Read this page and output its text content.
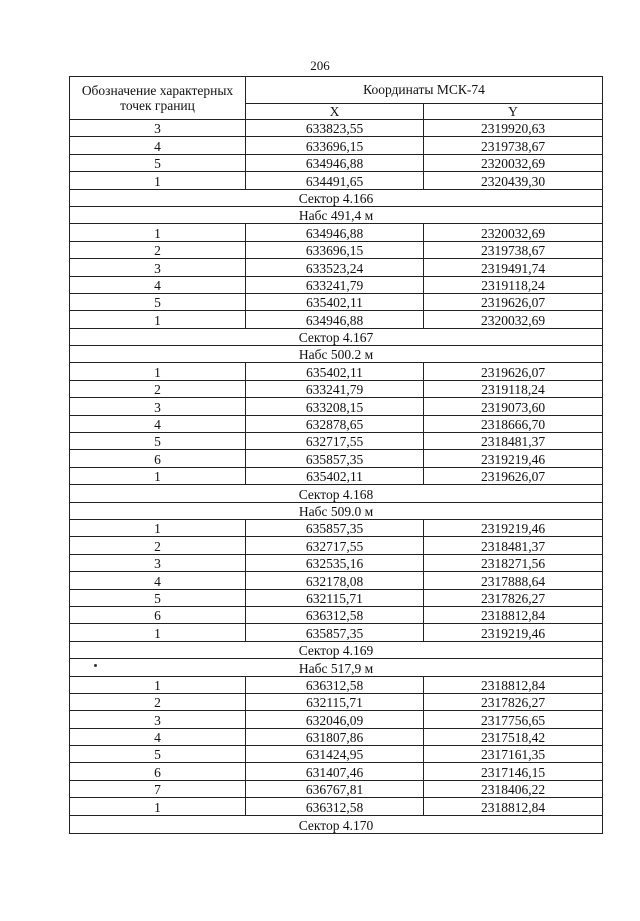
206
Обозначение характерных точек границ	Координаты МСК-74	
	X	Y
3	633823,55	2319920,63
4	633696,15	2319738,67
5	634946,88	2320032,69
1	634491,65	2320439,30
Сектор 4.166		
Набс 491,4 м		
1	634946,88	2320032,69
2	633696,15	2319738,67
3	633523,24	2319491,74
4	633241,79	2319118,24
5	635402,11	2319626,07
1	634946,88	2320032,69
Сектор 4.167		
Набс 500.2 м		
1	635402,11	2319626,07
2	633241,79	2319118,24
3	633208,15	2319073,60
4	632878,65	2318666,70
5	632717,55	2318481,37
6	635857,35	2319219,46
1	635402,11	2319626,07
Сектор 4.168		
Набс 509.0 м		
1	635857,35	2319219,46
2	632717,55	2318481,37
3	632535,16	2318271,56
4	632178,08	2317888,64
5	632115,71	2317826,27
6	636312,58	2318812,84
1	635857,35	2319219,46
Сектор 4.169		
Набс 517,9 м		
1	636312,58	2318812,84
2	632115,71	2317826,27
3	632046,09	2317756,65
4	631807,86	2317518,42
5	631424,95	2317161,35
6	631407,46	2317146,15
7	636767,81	2318406,22
1	636312,58	2318812,84
Сектор 4.170		
